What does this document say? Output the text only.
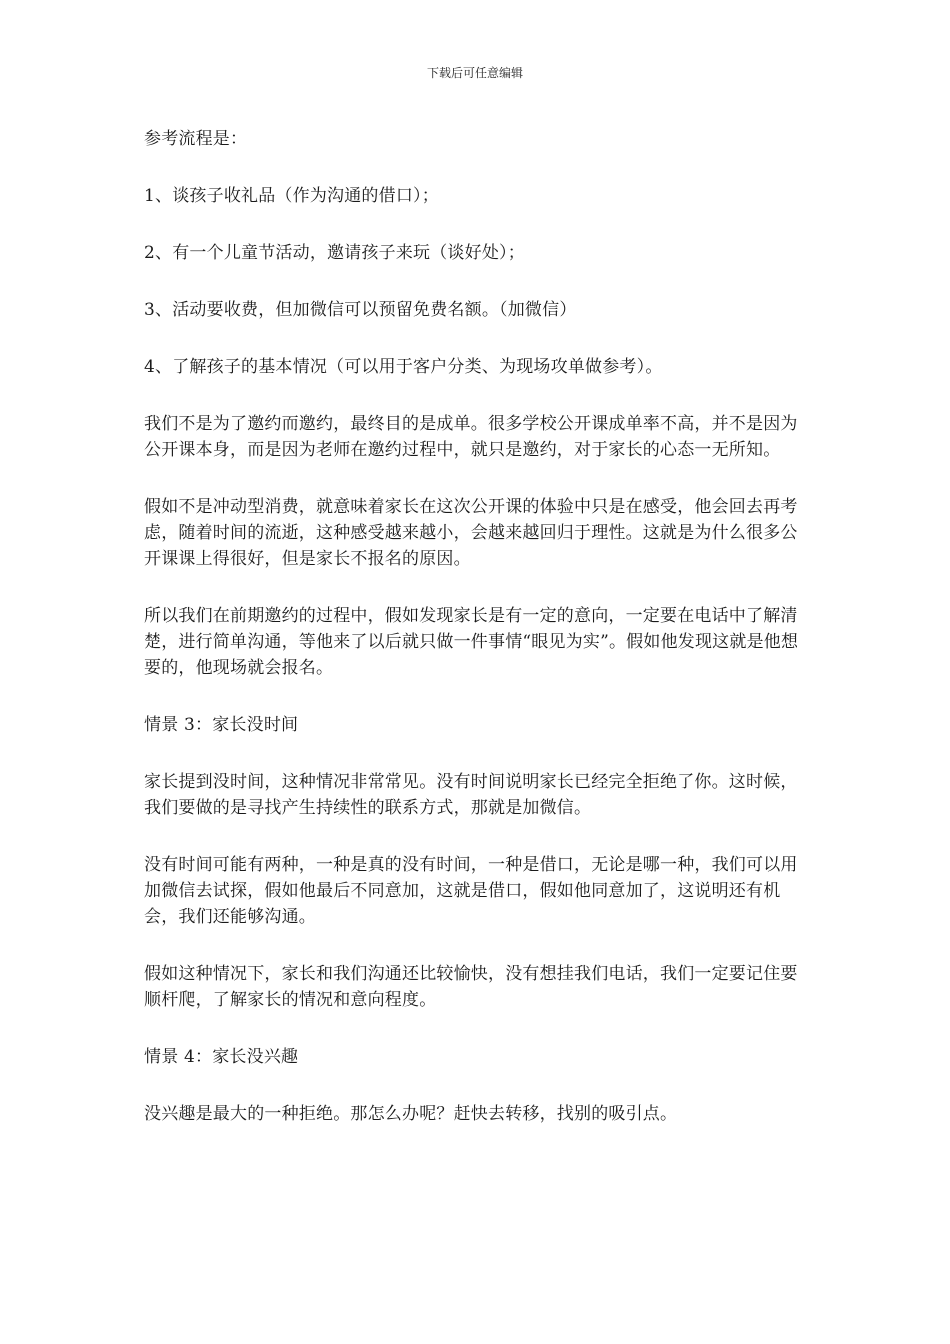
下载后可任意编辑

参考流程是：

1、谈孩子收礼品（作为沟通的借口）；

2、有一个儿童节活动，邀请孩子来玩（谈好处）；

3、活动要收费，但加微信可以预留免费名额。（加微信）

4、了解孩子的基本情况（可以用于客户分类、为现场攻单做参考）。

我们不是为了邀约而邀约，最终目的是成单。很多学校公开课成单率不高，并不是因为公开课本身，而是因为老师在邀约过程中，就只是邀约，对于家长的心态一无所知。

假如不是冲动型消费，就意味着家长在这次公开课的体验中只是在感受，他会回去再考虑，随着时间的流逝，这种感受越来越小，会越来越回归于理性。这就是为什么很多公开课课上得很好，但是家长不报名的原因。

所以我们在前期邀约的过程中，假如发现家长是有一定的意向，一定要在电话中了解清楚，进行简单沟通，等他来了以后就只做一件事情“眼见为实”。假如他发现这就是他想要的，他现场就会报名。

情景 3：家长没时间

家长提到没时间，这种情况非常常见。没有时间说明家长已经完全拒绝了你。这时候，我们要做的是寻找产生持续性的联系方式，那就是加微信。

没有时间可能有两种，一种是真的没有时间，一种是借口，无论是哪一种，我们可以用加微信去试探，假如他最后不同意加，这就是借口，假如他同意加了，这说明还有机会，我们还能够沟通。

假如这种情况下，家长和我们沟通还比较愉快，没有想挂我们电话，我们一定要记住要顺杆爬，了解家长的情况和意向程度。

情景 4：家长没兴趣

没兴趣是最大的一种拒绝。那怎么办呢？赶快去转移，找别的吸引点。
